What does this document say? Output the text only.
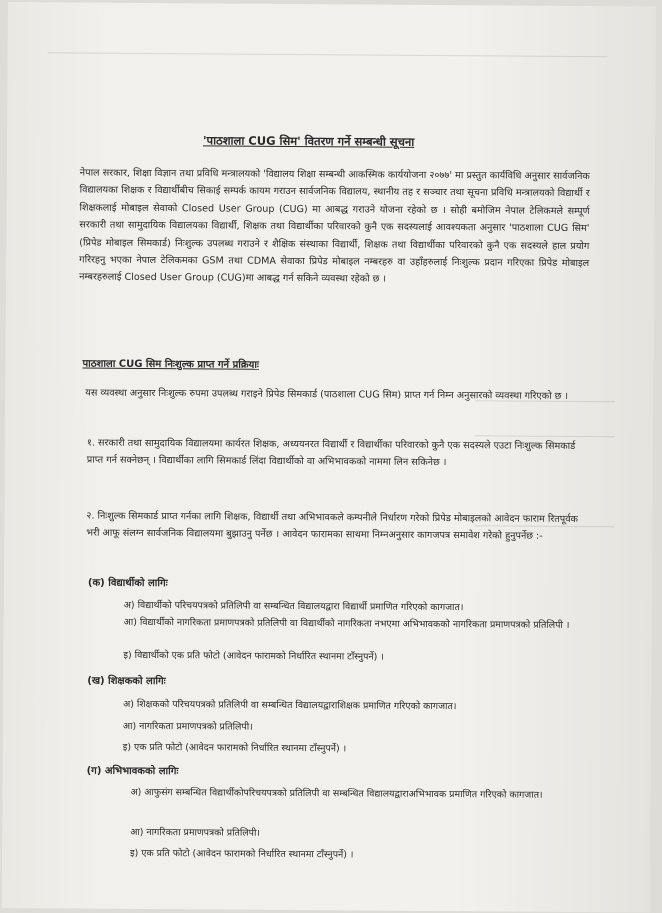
'पाठशाला CUG सिम' वितरण गर्ने सम्बन्धी सूचना
नेपाल सरकार, शिक्षा विज्ञान तथा प्रविधि मन्त्रालयको 'विद्यालय शिक्षा सम्बन्धी आकस्मिक कार्ययोजना २०७७' मा प्रस्तुत कार्यविधि अनुसार सार्वजनिक विद्यालयका शिक्षक र विद्यार्थीबीच सिकाई सम्पर्क कायम गराउन सार्वजनिक विद्यालय, स्थानीय तह र सञ्चार तथा सूचना प्रविधि मन्त्रालयको विद्यार्थी र शिक्षकलाई मोबाइल सेवाको Closed User Group (CUG) मा आबद्ध गराउने योजना रहेको छ । सोही बमोजिम नेपाल टेलिकमले सम्पूर्ण सरकारी तथा सामुदायिक विद्यालयका विद्यार्थी, शिक्षक तथा विद्यार्थीका परिवारको कुनै एक सदस्यलाई आवश्यकता अनुसार 'पाठशाला CUG सिम' (प्रिपेड मोबाइल सिमकार्ड) निःशुल्क उपलब्ध गराउने र शैक्षिक संस्थाका विद्यार्थी, शिक्षक तथा विद्यार्थीका परिवारको कुनै एक सदस्यले हाल प्रयोग गरिरहनु भएका नेपाल टेलिकमका GSM तथा CDMA सेवाका प्रिपेड मोबाइल नम्बरहरु वा उहाँहरुलाई निःशुल्क प्रदान गरिएका प्रिपेड मोबाइल नम्बरहरुलाई Closed User Group (CUG)मा आबद्ध गर्न सकिने व्यवस्था रहेको छ ।
पाठशाला CUG सिम निःशुल्क प्राप्त गर्ने प्रक्रियाः
यस व्यवस्था अनुसार निःशुल्क रुपमा उपलब्ध गराइने प्रिपेड सिमकार्ड (पाठशाला CUG सिम) प्राप्त गर्न निम्न अनुसारको व्यवस्था गरिएको छ ।
१. सरकारी तथा सामुदायिक विद्यालयमा कार्यरत शिक्षक, अध्ययनरत विद्यार्थी र विद्यार्थीका परिवारको कुनै एक सदस्यले एउटा निःशुल्क सिमकार्ड प्राप्त गर्न सक्नेछन् । विद्यार्थीका लागि सिमकार्ड लिंदा विद्यार्थीको वा अभिभावकको नाममा लिन सकिनेछ ।
२. निःशुल्क सिमकार्ड प्राप्त गर्नका लागि शिक्षक, विद्यार्थी तथा अभिभावकले कम्पनीले निर्धारण गरेको प्रिपेड मोबाइलको आवेदन फाराम रितपूर्वक भरी आफू संलग्न सार्वजनिक विद्यालयमा बुझाउनु पर्नेछ । आवेदन फारामका साथमा निम्नअनुसार कागजपत्र समावेश गरेको हुनुपर्नेछ :-
(क) विद्यार्थीको लागिः
अ) विद्यार्थीको परिचयपत्रको प्रतिलिपी वा सम्बन्धित विद्यालयद्वारा विद्यार्थी प्रमाणित गरिएको कागजात।
आ) विद्यार्थीको नागरिकता प्रमाणपत्रको प्रतिलिपी वा विद्यार्थीको नागरिकता नभएमा अभिभावकको नागरिकता प्रमाणपत्रको प्रतिलिपी ।
इ) विद्यार्थीको एक प्रति फोटो (आवेदन फारामको निर्धारित स्थानमा टाँस्नुपर्ने) ।
(ख) शिक्षकको लागिः
अ) शिक्षकको परिचयपत्रको प्रतिलिपी वा सम्बन्धित विद्यालयद्वाराशिक्षक प्रमाणित गरिएको कागजात।
आ) नागरिकता प्रमाणपत्रको प्रतिलिपी।
इ) एक प्रति फोटो (आवेदन फारामको निर्धारित स्थानमा टाँस्नुपर्ने) ।
(ग) अभिभावकको लागिः
अ) आफुसंग सम्बन्धित विद्यार्थीकोपरिचयपत्रको प्रतिलिपी वा सम्बन्धित विद्यालयद्वाराअभिभावक प्रमाणित गरिएको कागजात।
आ) नागरिकता प्रमाणपत्रको प्रतिलिपी।
इ) एक प्रति फोटो (आवेदन फारामको निर्धारित स्थानमा टाँस्नुपर्ने) ।
